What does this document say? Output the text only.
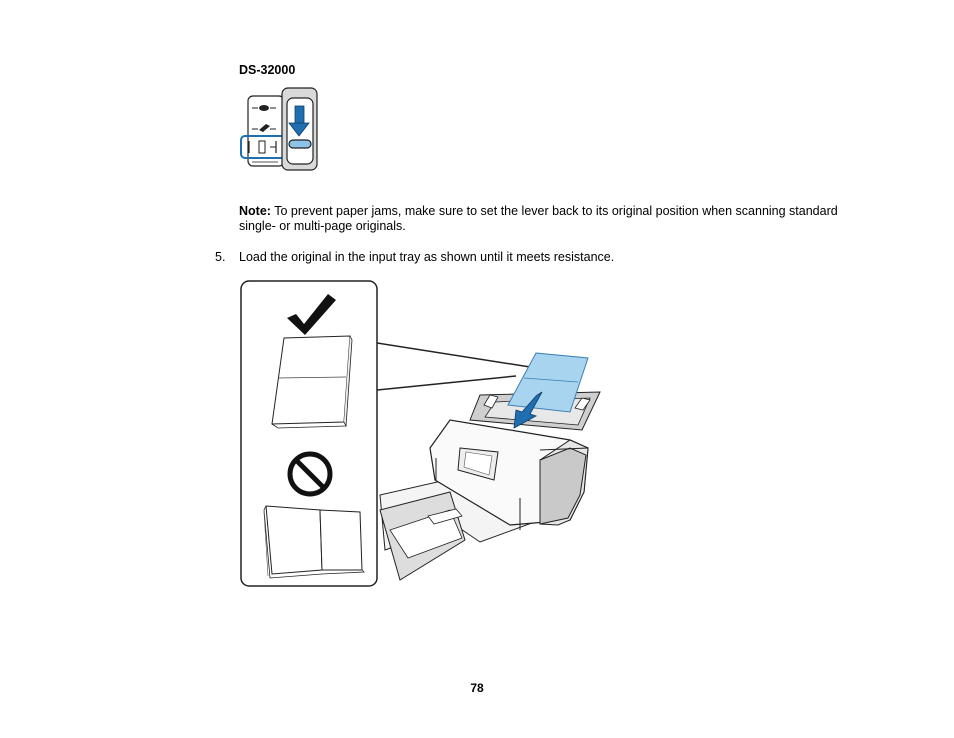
DS-32000
Note: To prevent paper jams, make sure to set the lever back to its original position when scanning standard single- or multi-page originals.
5. Load the original in the input tray as shown until it meets resistance.
78
